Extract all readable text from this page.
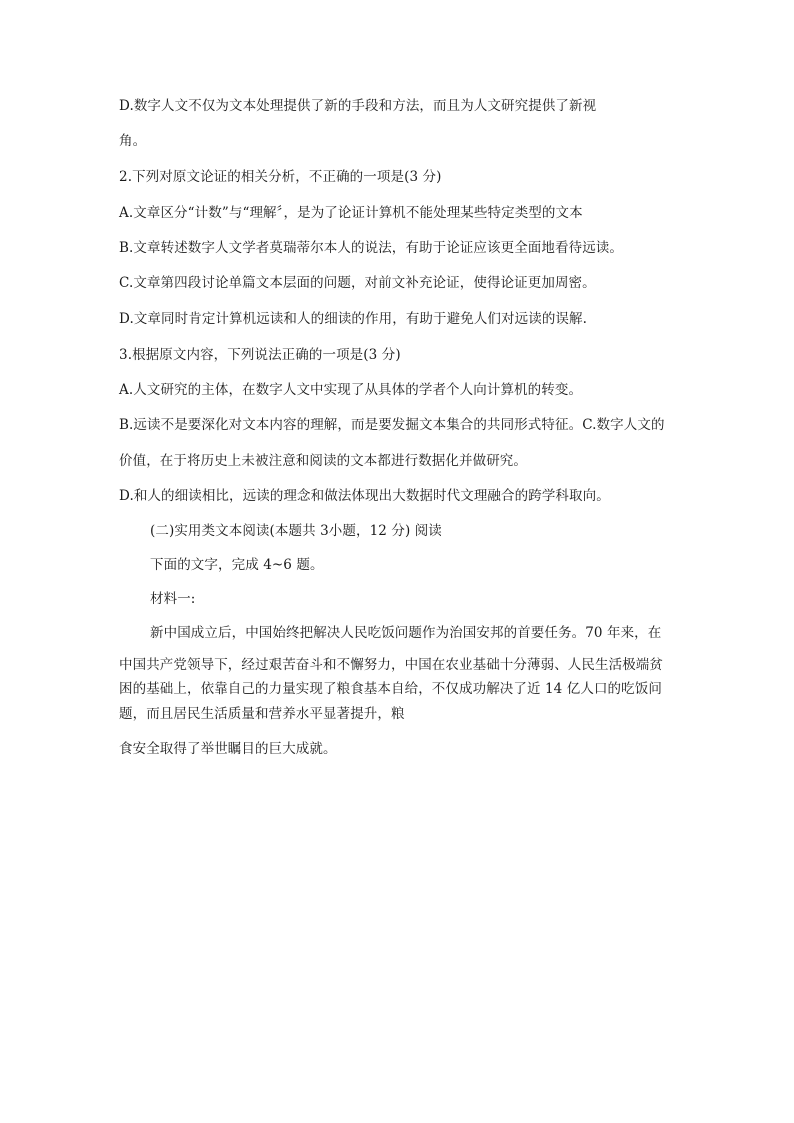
D.数字人文不仅为文本处理提供了新的手段和方法，而且为人文研究提供了新视
角。
2.下列对原文论证的相关分析，不正确的一项是(3 分)
A.文章区分“计数”与“理解〞，是为了论证计算机不能处理某些特定类型的文本
B.文章转述数字人文学者莫瑞蒂尔本人的说法，有助于论证应该更全面地看待远读。
C.文章第四段讨论单篇文本层面的问题，对前文补充论证，使得论证更加周密。
D.文章同时肯定计算机远读和人的细读的作用，有助于避免人们对远读的误解.
3.根据原文内容，下列说法正确的一项是(3 分)
A.人文研究的主体，在数字人文中实现了从具体的学者个人向计算机的转变。
B.远读不是要深化对文本内容的理解，而是要发掘文本集合的共同形式特征。C.数字人文的
价值，在于将历史上未被注意和阅读的文本都进行数据化并做研究。
D.和人的细读相比，远读的理念和做法体现出大数据时代文理融合的跨学科取向。
(二)实用类文本阅读(本题共 3小题，12 分) 阅读
下面的文字，完成 4~6 题。
材料一:
新中国成立后，中国始终把解决人民吃饭问题作为治国安邦的首要任务。70 年来，在
中国共产党领导下，经过艰苦奋斗和不懈努力，中国在农业基础十分薄弱、人民生活极端贫
困的基础上，依靠自己的力量实现了粮食基本自给，不仅成功解决了近 14 亿人口的吃饭问
题，而且居民生活质量和营养水平显著提升，粮
食安全取得了举世瞩目的巨大成就。
